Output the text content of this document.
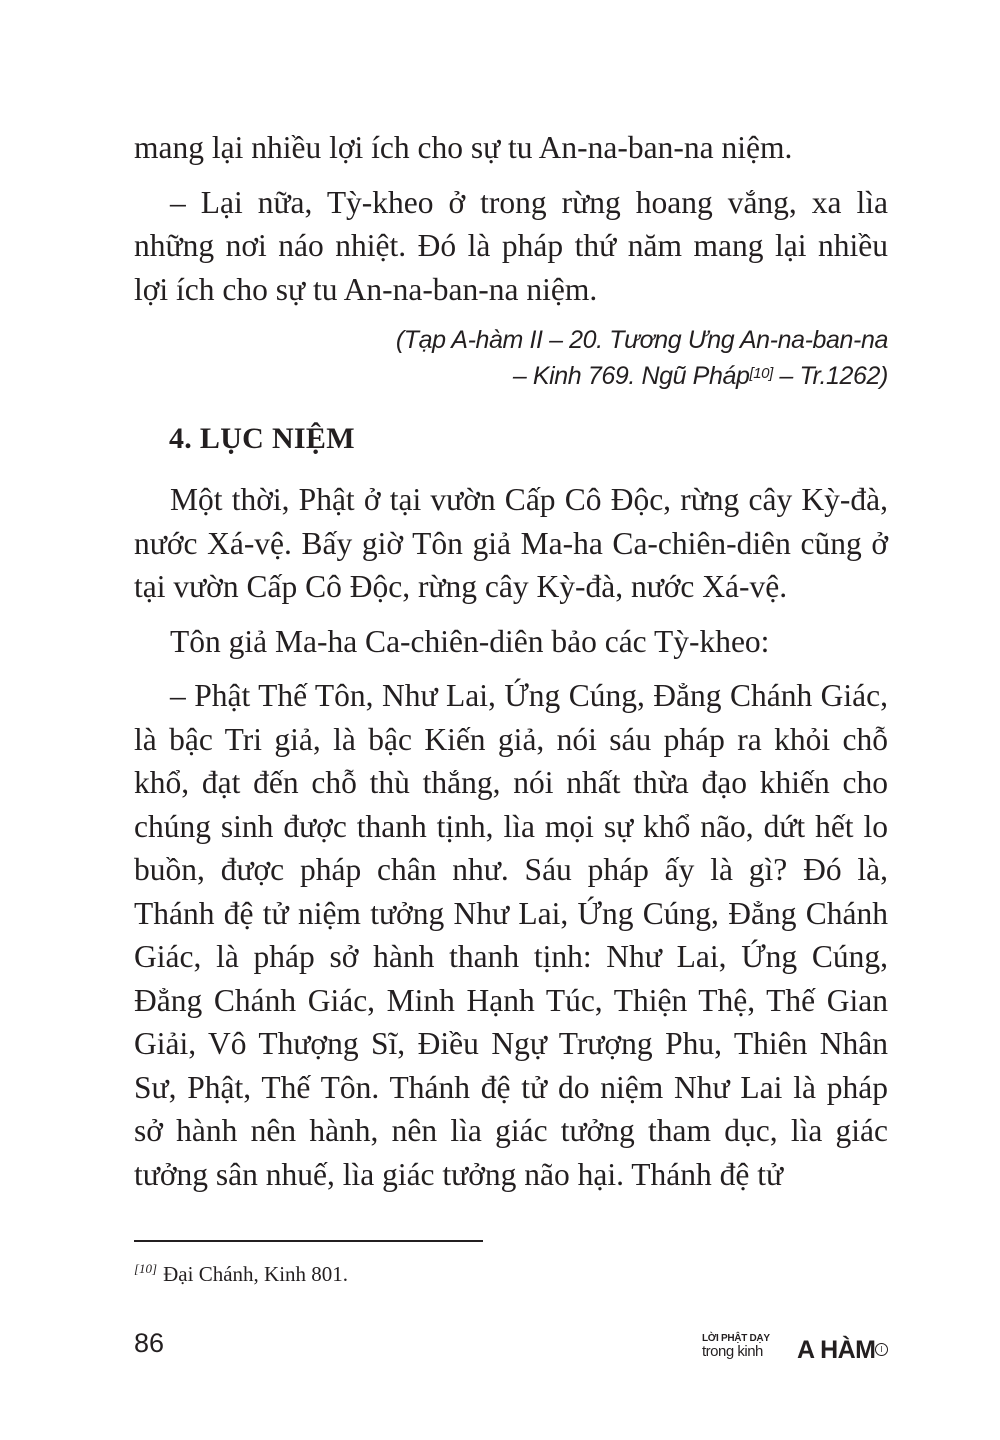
mang lại nhiều lợi ích cho sự tu An-na-ban-na niệm.

– Lại nữa, Tỳ-kheo ở trong rừng hoang vắng, xa lìa những nơi náo nhiệt. Đó là pháp thứ năm mang lại nhiều lợi ích cho sự tu An-na-ban-na niệm.

(Tạp A-hàm II – 20. Tương Ưng An-na-ban-na
– Kinh 769. Ngũ Pháp[10] – Tr.1262)
4. LỤC NIỆM

Một thời, Phật ở tại vườn Cấp Cô Độc, rừng cây Kỳ-đà, nước Xá-vệ. Bấy giờ Tôn giả Ma-ha Ca-chiên-diên cũng ở tại vườn Cấp Cô Độc, rừng cây Kỳ-đà, nước Xá-vệ.

Tôn giả Ma-ha Ca-chiên-diên bảo các Tỳ-kheo:

– Phật Thế Tôn, Như Lai, Ứng Cúng, Đẳng Chánh Giác, là bậc Tri giả, là bậc Kiến giả, nói sáu pháp ra khỏi chỗ khổ, đạt đến chỗ thù thắng, nói nhất thừa đạo khiến cho chúng sinh được thanh tịnh, lìa mọi sự khổ não, dứt hết lo buồn, được pháp chân như. Sáu pháp ấy là gì? Đó là, Thánh đệ tử niệm tưởng Như Lai, Ứng Cúng, Đẳng Chánh Giác, là pháp sở hành thanh tịnh: Như Lai, Ứng Cúng, Đẳng Chánh Giác, Minh Hạnh Túc, Thiện Thệ, Thế Gian Giải, Vô Thượng Sĩ, Điều Ngự Trượng Phu, Thiên Nhân Sư, Phật, Thế Tôn. Thánh đệ tử do niệm Như Lai là pháp sở hành nên hành, nên lìa giác tưởng tham dục, lìa giác tưởng sân nhuế, lìa giác tưởng não hại. Thánh đệ tử

[10] Đại Chánh, Kinh 801.
86	LỜI PHẬT DẠY
trong kinh A HÀM I
